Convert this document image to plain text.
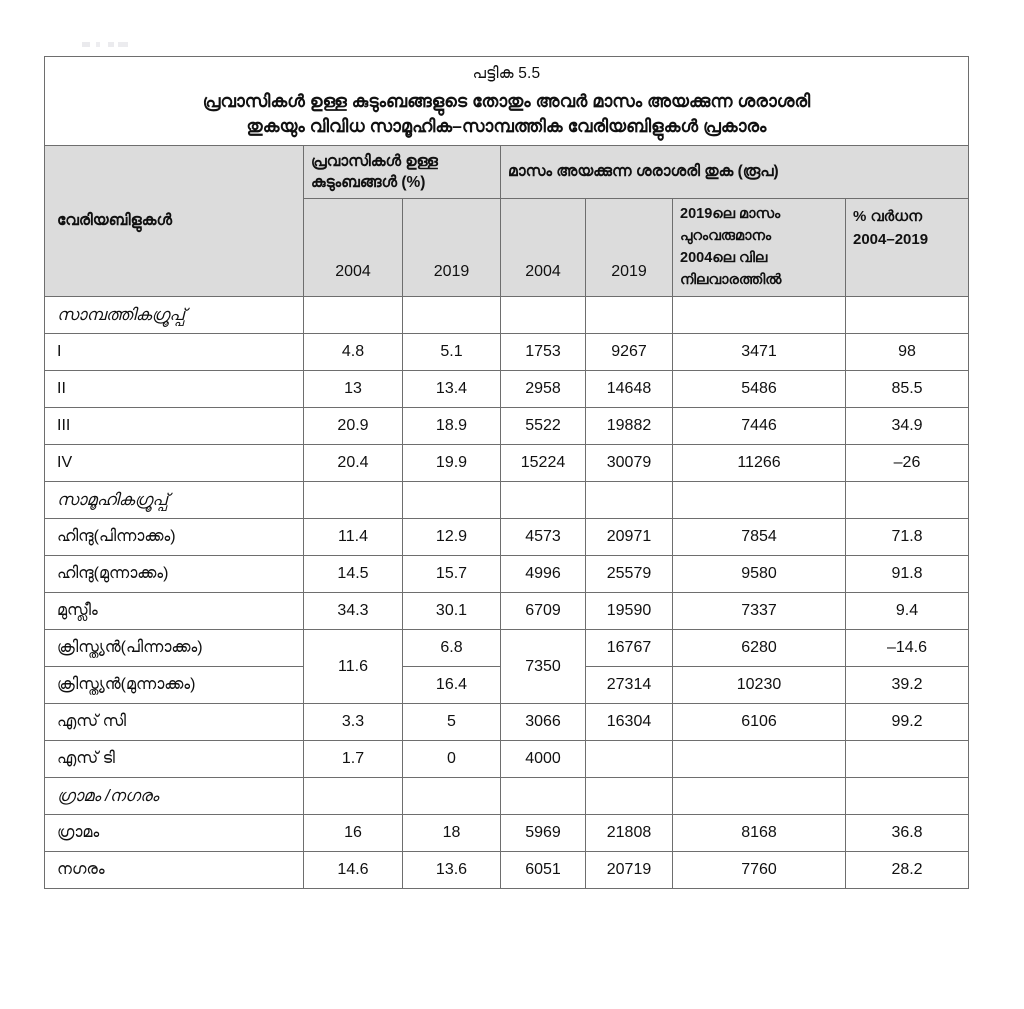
പട്ടിക 5.5
പ്രവാസികൾ ഉള്ള കുടുംബങ്ങളുടെ തോതും അവർ മാസം അയക്കുന്ന ശരാശരി
തുകയും വിവിധ സാമൂഹിക–സാമ്പത്തിക വേരിയബിളുകൾ പ്രകാരം						

വേരിയബിളുകൾ	പ്രവാസികൾ ഉള്ള കുടുംബങ്ങൾ (%)		മാസം അയക്കുന്ന ശരാശരി തുക (രൂപ)			
	2004	2019	2004	2019	2019ലെ മാസം
പുറംവരുമാനം
2004ലെ വില
നിലവാരത്തിൽ	% വർധന
2004–2019

സാമ്പത്തികഗ്രൂപ്പ്						
I	4.8	5.1	1753	9267	3471	98
II	13	13.4	2958	14648	5486	85.5
III	20.9	18.9	5522	19882	7446	34.9
IV	20.4	19.9	15224	30079	11266	–26
സാമൂഹികഗ്രൂപ്പ്						
ഹിന്ദു(പിന്നാക്കം)	11.4	12.9	4573	20971	7854	71.8
ഹിന്ദു(മുന്നാക്കം)	14.5	15.7	4996	25579	9580	91.8
മുസ്ലീം	34.3	30.1	6709	19590	7337	9.4
ക്രിസ്ത്യൻ(പിന്നാക്കം)	11.6	6.8	7350	16767	6280	–14.6
ക്രിസ്ത്യൻ(മുന്നാക്കം)		16.4		27314	10230	39.2
എസ് സി	3.3	5	3066	16304	6106	99.2
എസ് ടി	1.7	0	4000			
ഗ്രാമം /നഗരം						
ഗ്രാമം	16	18	5969	21808	8168	36.8
നഗരം	14.6	13.6	6051	20719	7760	28.2
